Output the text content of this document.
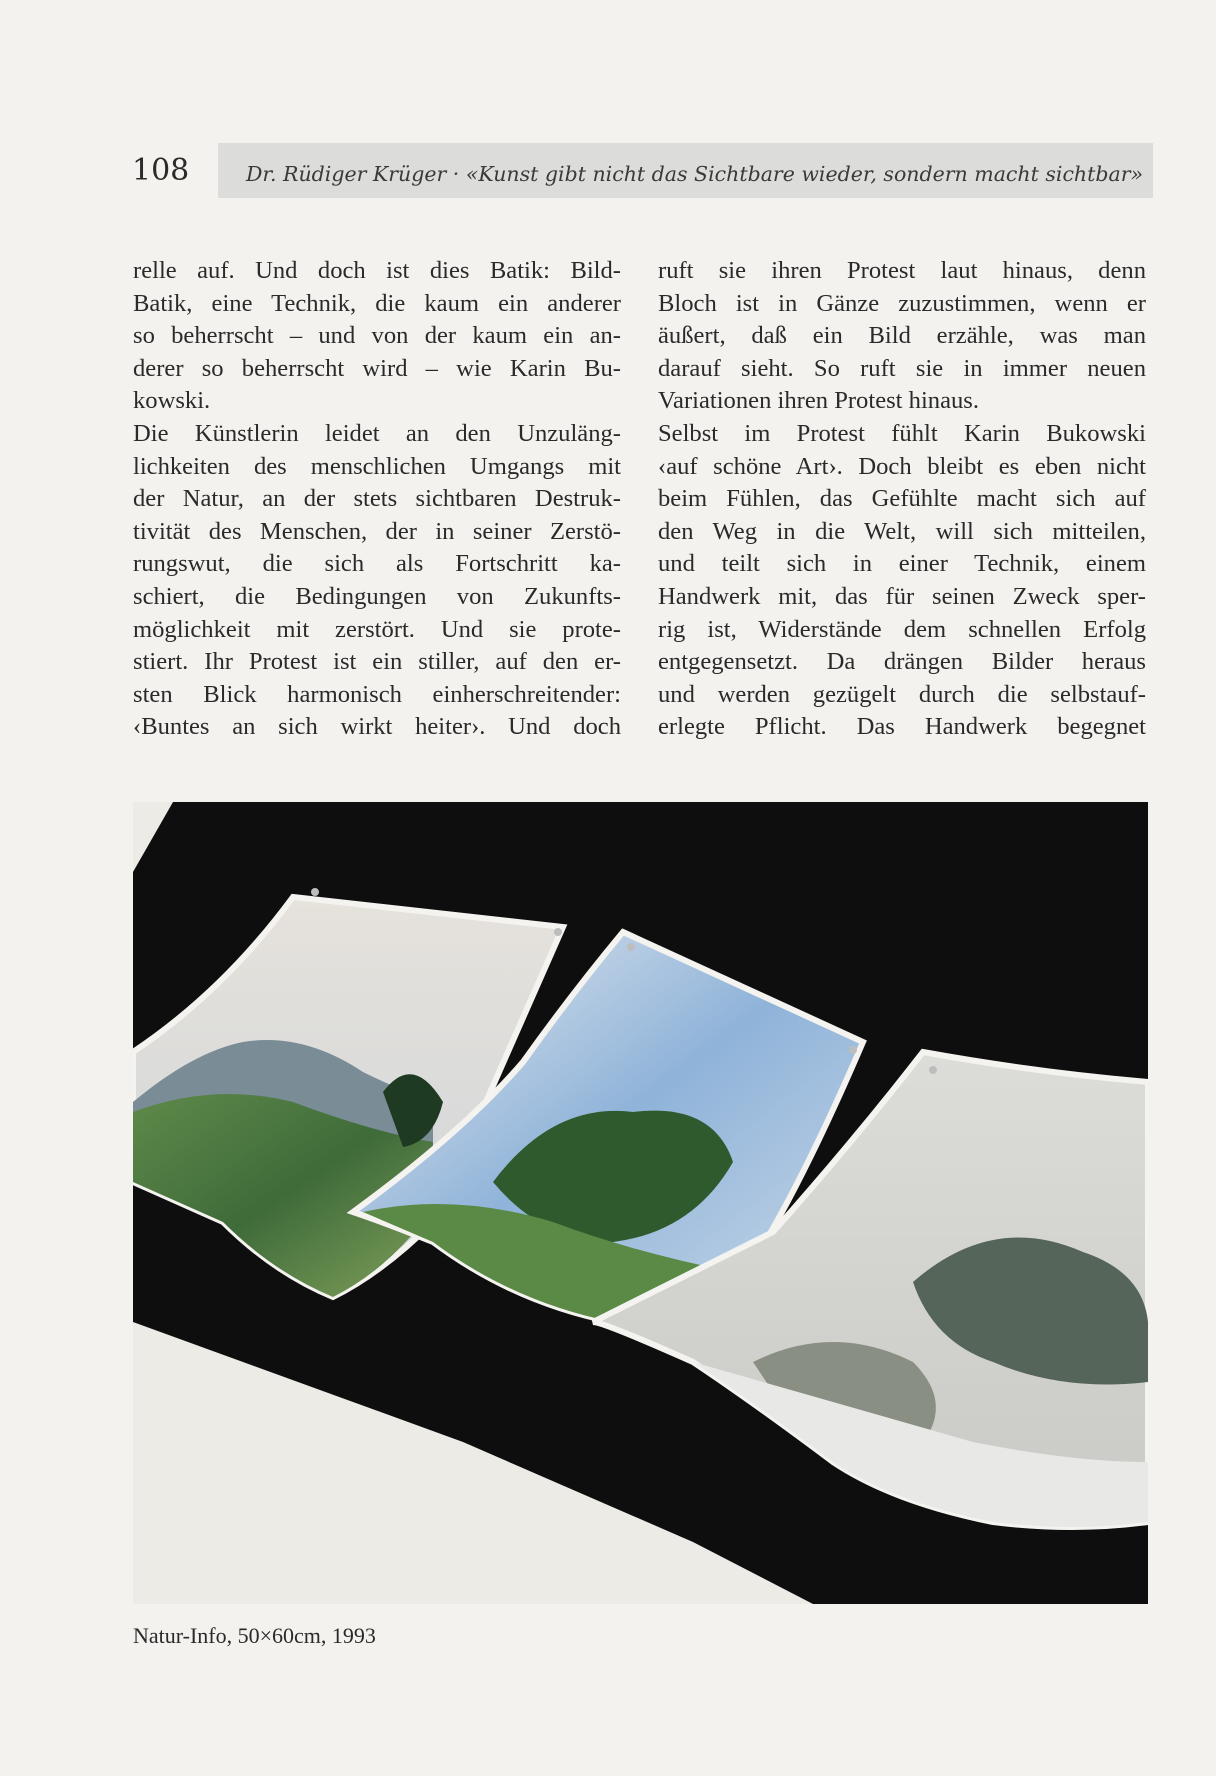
108	Dr. Rüdiger Krüger · «Kunst gibt nicht das Sichtbare wieder, sondern macht sichtbar»
relle auf. Und doch ist dies Batik: Bild-
Batik, eine Technik, die kaum ein anderer
so beherrscht – und von der kaum ein an-
derer so beherrscht wird – wie Karin Bu-
kowski.
Die Künstlerin leidet an den Unzuläng-
lichkeiten des menschlichen Umgangs mit
der Natur, an der stets sichtbaren Destruk-
tivität des Menschen, der in seiner Zerstö-
rungswut, die sich als Fortschritt ka-
schiert, die Bedingungen von Zukunfts-
möglichkeit mit zerstört. Und sie prote-
stiert. Ihr Protest ist ein stiller, auf den er-
sten Blick harmonisch einherschreitender:
‹Buntes an sich wirkt heiter›. Und doch
ruft sie ihren Protest laut hinaus, denn
Bloch ist in Gänze zuzustimmen, wenn er
äußert, daß ein Bild erzähle, was man
darauf sieht. So ruft sie in immer neuen
Variationen ihren Protest hinaus.
Selbst im Protest fühlt Karin Bukowski
‹auf schöne Art›. Doch bleibt es eben nicht
beim Fühlen, das Gefühlte macht sich auf
den Weg in die Welt, will sich mitteilen,
und teilt sich in einer Technik, einem
Handwerk mit, das für seinen Zweck sper-
rig ist, Widerstände dem schnellen Erfolg
entgegensetzt. Da drängen Bilder heraus
und werden gezügelt durch die selbstauf-
erlegte Pflicht. Das Handwerk begegnet
Natur-Info, 50×60cm, 1993
